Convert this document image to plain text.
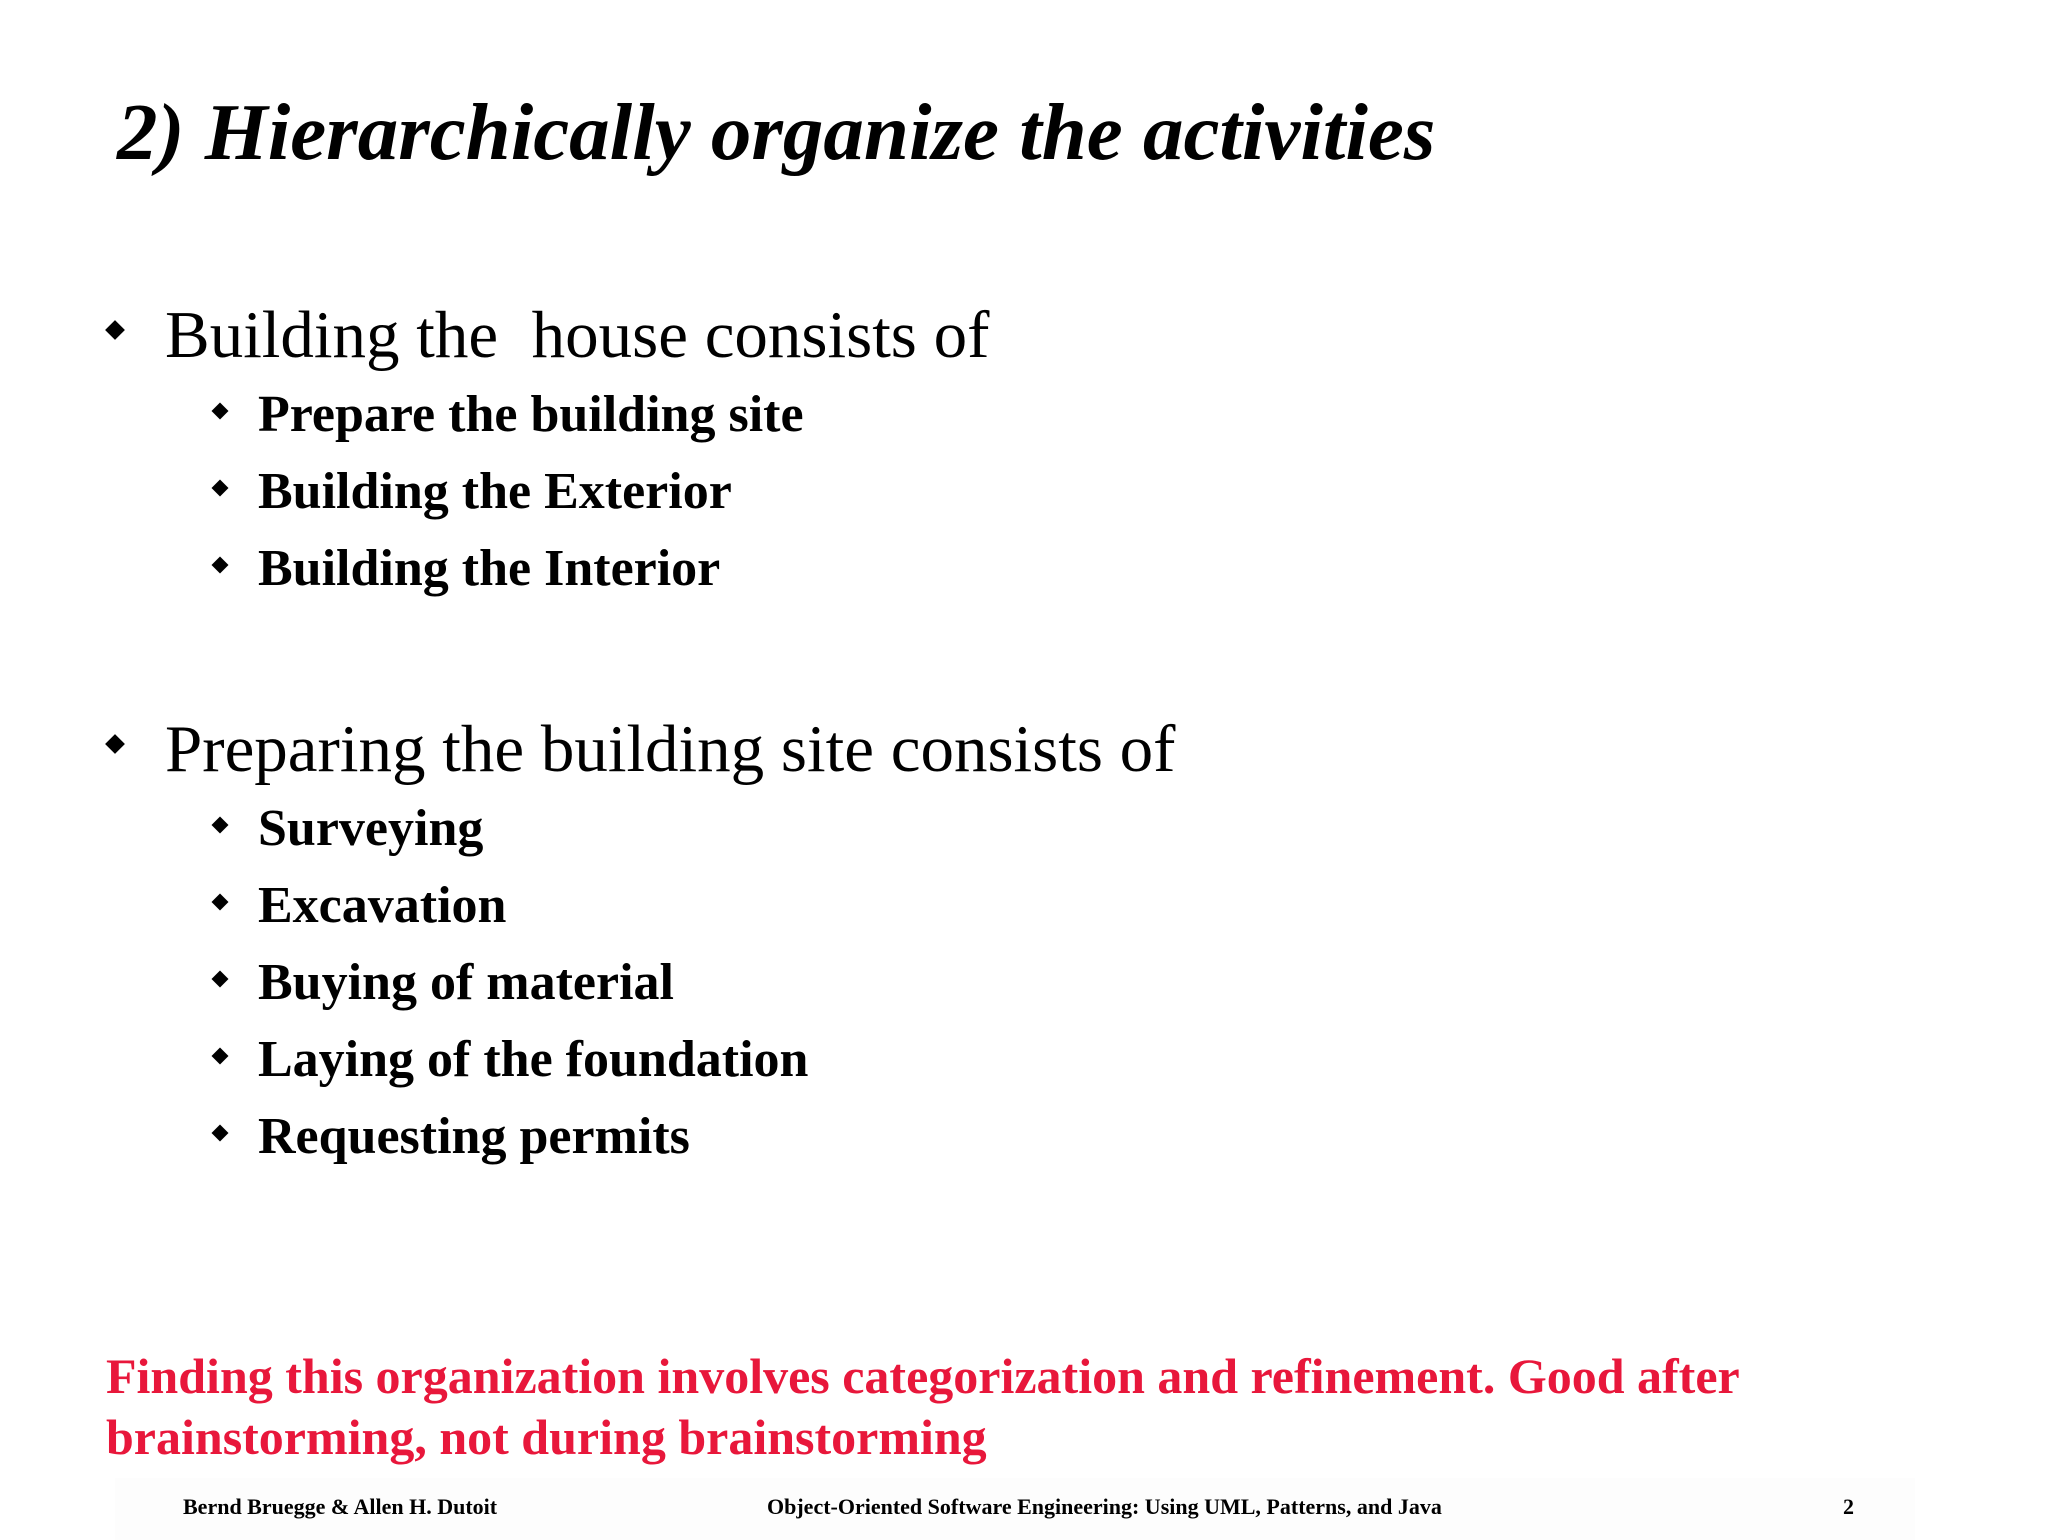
2) Hierarchically organize the activities
Building the  house consists of
Prepare the building site
Building the Exterior
Building the Interior
Preparing the building site consists of
Surveying
Excavation
Buying of material
Laying of the foundation
Requesting permits

Finding this organization involves categorization and refinement. Good after brainstorming, not during brainstorming

Bernd Bruegge & Allen H. Dutoit	Object-Oriented Software Engineering: Using UML, Patterns, and Java	2
